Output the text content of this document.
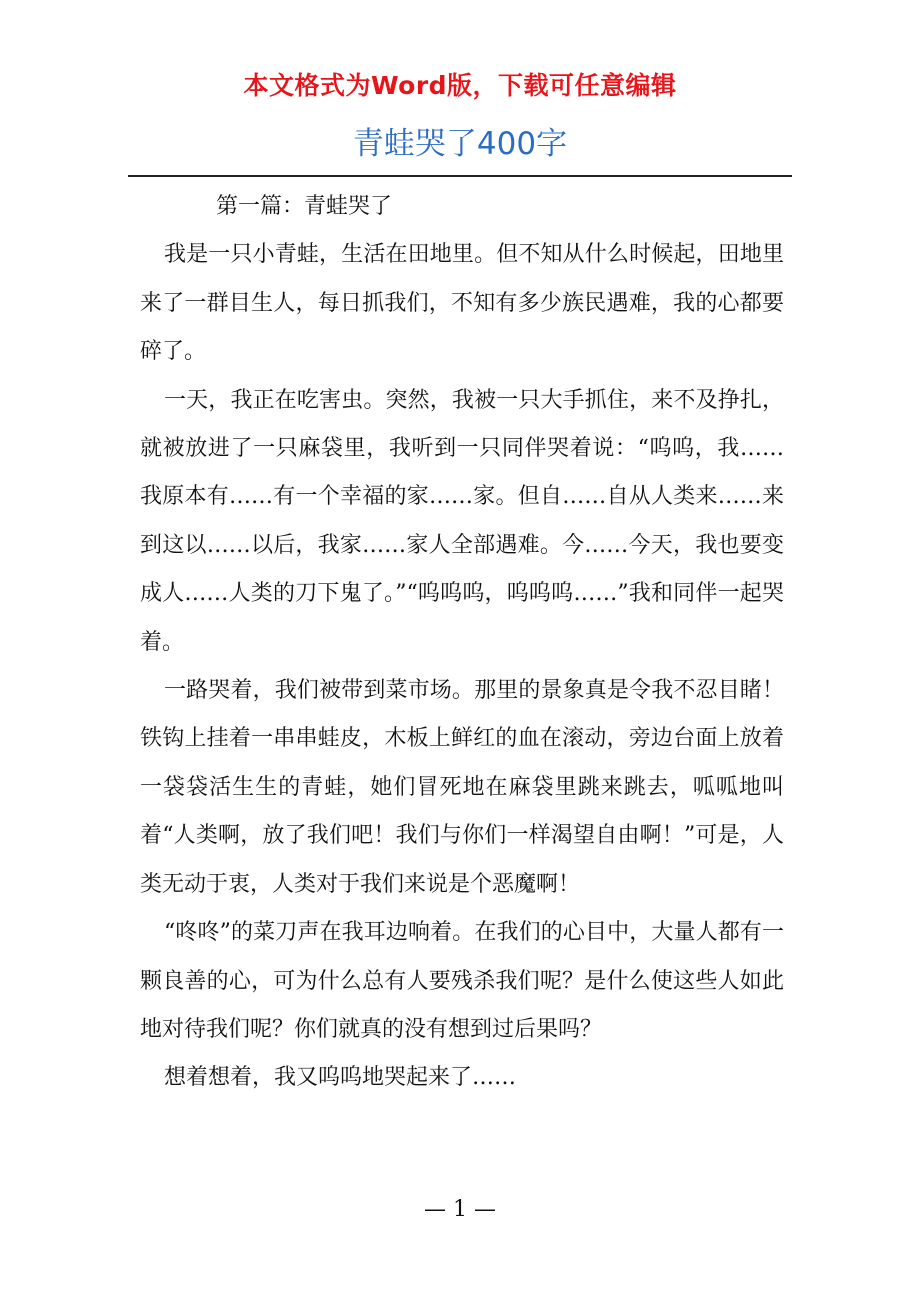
本文格式为Word版，下载可任意编辑
青蛙哭了400字

第一篇：青蛙哭了

我是一只小青蛙，生活在田地里。但不知从什么时候起，田地里来了一群目生人，每日抓我们，不知有多少族民遇难，我的心都要碎了。

一天，我正在吃害虫。突然，我被一只大手抓住，来不及挣扎，就被放进了一只麻袋里，我听到一只同伴哭着说：“呜呜，我……我原本有……有一个幸福的家……家。但自……自从人类来……来到这以……以后，我家……家人全部遇难。今……今天，我也要变成人……人类的刀下鬼了。”“呜呜呜，呜呜呜……”我和同伴一起哭着。

一路哭着，我们被带到菜市场。那里的景象真是令我不忍目睹！铁钩上挂着一串串蛙皮，木板上鲜红的血在滚动，旁边台面上放着一袋袋活生生的青蛙，她们冒死地在麻袋里跳来跳去，呱呱地叫着“人类啊，放了我们吧！我们与你们一样渴望自由啊！”可是，人类无动于衷，人类对于我们来说是个恶魔啊！

“咚咚”的菜刀声在我耳边响着。在我们的心目中，大量人都有一颗良善的心，可为什么总有人要残杀我们呢？是什么使这些人如此地对待我们呢？你们就真的没有想到过后果吗？

想着想着，我又呜呜地哭起来了……

— 1 —
